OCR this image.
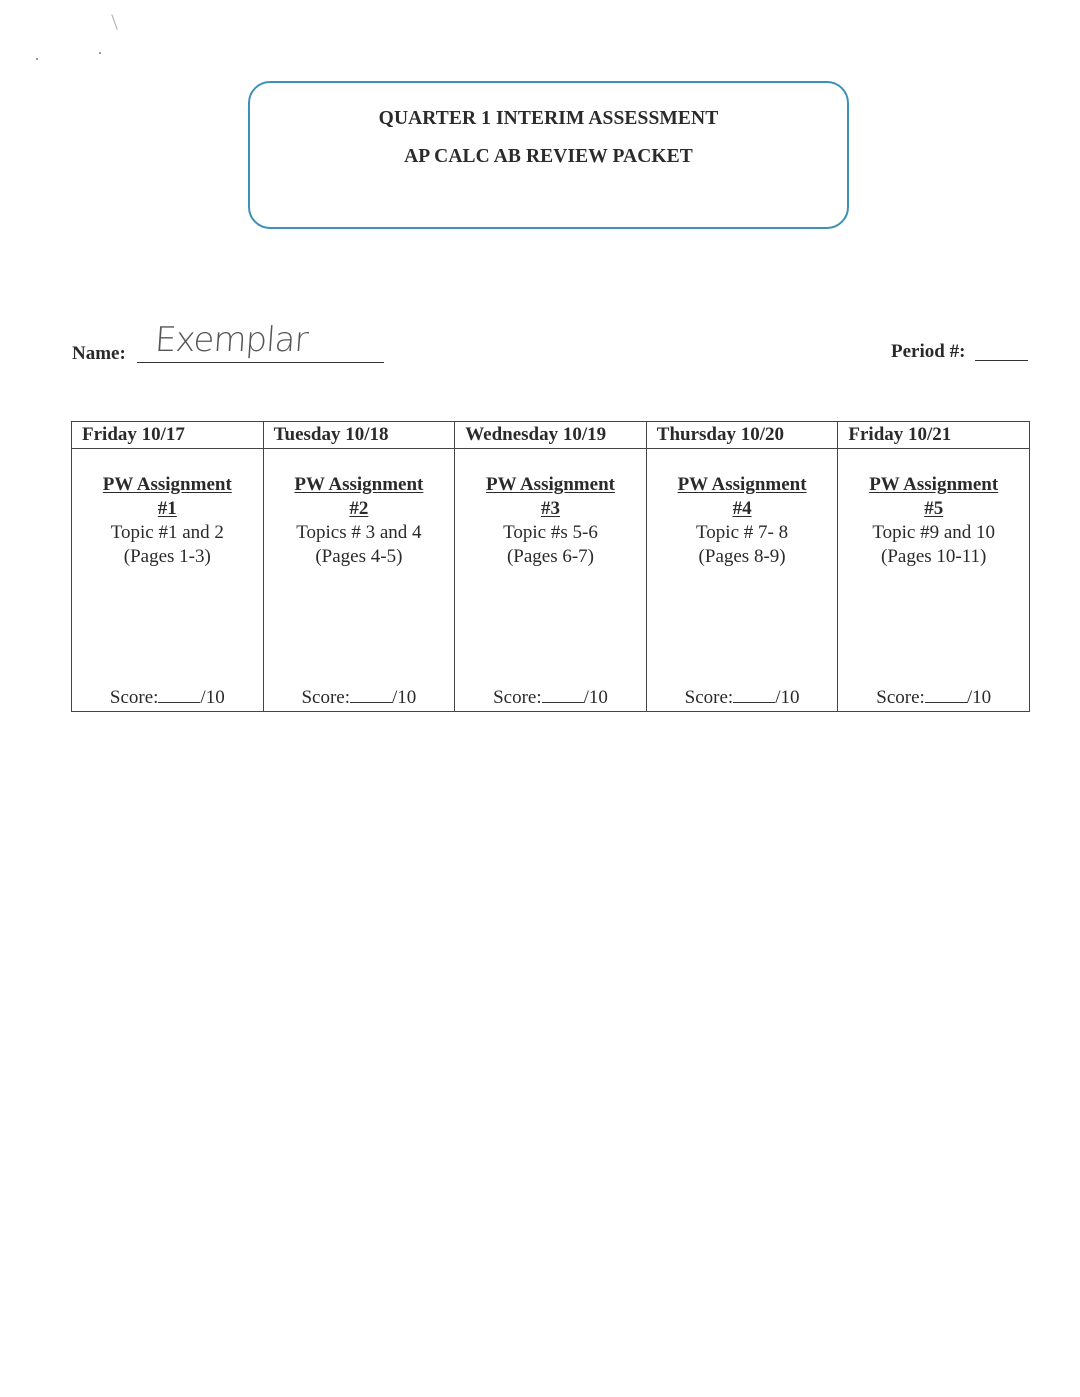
QUARTER 1 INTERIM ASSESSMENT
AP CALC AB REVIEW PACKET
Name: Exemplar	Period #:
Friday 10/17	Tuesday 10/18	Wednesday 10/19	Thursday 10/20	Friday 10/21

PW Assignment
#1
Topic #1 and 2
(Pages 1-3)
Score: /10

PW Assignment
#2
Topics # 3 and 4
(Pages 4-5)
Score: /10

PW Assignment
#3
Topic #s 5-6
(Pages 6-7)
Score: /10

PW Assignment
#4
Topic # 7- 8
(Pages 8-9)
Score: /10

PW Assignment
#5
Topic #9 and 10
(Pages 10-11)
Score: /10
